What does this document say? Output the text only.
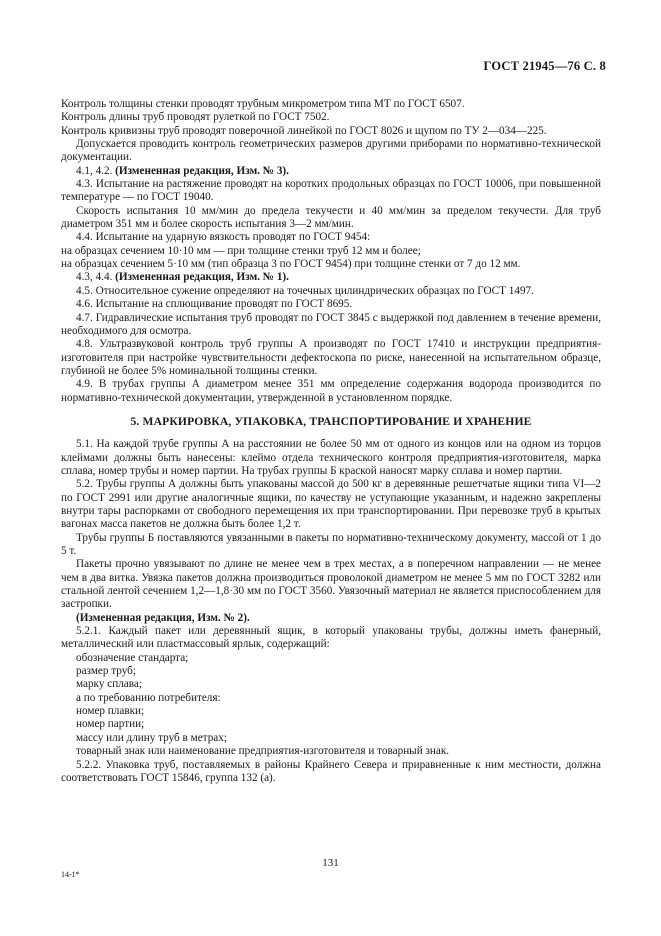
ГОСТ 21945—76 С. 8

Контроль толщины стенки проводят трубным микрометром типа МТ по ГОСТ 6507.

Контроль длины труб проводят рулеткой по ГОСТ 7502.

Контроль кривизны труб проводят поверочной линейкой по ГОСТ 8026 и щупом по ТУ 2—034—225.

Допускается проводить контроль геометрических размеров другими приборами по нормативно-технической документации.

4.1, 4.2. (Измененная редакция, Изм. № 3).

4.3. Испытание на растяжение проводят на коротких продольных образцах по ГОСТ 10006, при повышенной температуре — по ГОСТ 19040.

Скорость испытания 10 мм/мин до предела текучести и 40 мм/мин за пределом текучести. Для труб диаметром 351 мм и более скорость испытания 3—2 мм/мин.

4.4. Испытание на ударную вязкость проводят по ГОСТ 9454:

на образцах сечением 10·10 мм — при толщине стенки труб 12 мм и более;

на образцах сечением 5·10 мм (тип образца 3 по ГОСТ 9454) при толщине стенки от 7 до 12 мм.

4.3, 4.4. (Измененная редакция, Изм. № 1).

4.5. Относительное сужение определяют на точечных цилиндрических образцах по ГОСТ 1497.

4.6. Испытание на сплющивание проводят по ГОСТ 8695.

4.7. Гидравлические испытания труб проводят по ГОСТ 3845 с выдержкой под давлением в течение времени, необходимого для осмотра.

4.8. Ультразвуковой контроль труб группы А производят по ГОСТ 17410 и инструкции предприятия-изготовителя при настройке чувствительности дефектоскопа по риске, нанесенной на испытательном образце, глубиной не более 5% номинальной толщины стенки.

4.9. В трубах группы А диаметром менее 351 мм определение содержания водорода производится по нормативно-технической документации, утвержденной в установленном порядке.

5. МАРКИРОВКА, УПАКОВКА, ТРАНСПОРТИРОВАНИЕ И ХРАНЕНИЕ

5.1. На каждой трубе группы А на расстоянии не более 50 мм от одного из концов или на одном из торцов клеймами должны быть нанесены: клеймо отдела технического контроля предприятия-изготовителя, марка сплава, номер трубы и номер партии. На трубах группы Б краской наносят марку сплава и номер партии.

5.2. Трубы группы А должны быть упакованы массой до 500 кг в деревянные решетчатые ящики типа VI—2 по ГОСТ 2991 или другие аналогичные ящики, по качеству не уступающие указанным, и надежно закреплены внутри тары распорками от свободного перемещения их при транспортировании. При перевозке труб в крытых вагонах масса пакетов не должна быть более 1,2 т.

Трубы группы Б поставляются увязанными в пакеты по нормативно-техническому документу, массой от 1 до 5 т.

Пакеты прочно увязывают по длине не менее чем в трех местах, а в поперечном направлении — не менее чем в два витка. Увязка пакетов должна производиться проволокой диаметром не менее 5 мм по ГОСТ 3282 или стальной лентой сечением 1,2—1,8·30 мм по ГОСТ 3560. Увязочный материал не является приспособлением для застропки.

(Измененная редакция, Изм. № 2).

5.2.1. Каждый пакет или деревянный ящик, в который упакованы трубы, должны иметь фанерный, металлический или пластмассовый ярлык, содержащий:

обозначение стандарта;

размер труб;

марку сплава;

а по требованию потребителя:

номер плавки;

номер партии;

массу или длину труб в метрах;

товарный знак или наименование предприятия-изготовителя и товарный знак.

5.2.2. Упаковка труб, поставляемых в районы Крайнего Севера и приравненные к ним местности, должна соответствовать ГОСТ 15846, группа 132 (а).

14-1*
131
